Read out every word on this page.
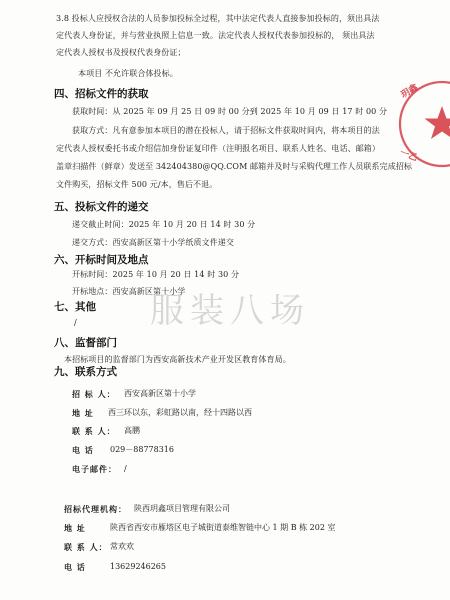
3.8 投标人应授权合法的人员参加投标全过程，其中法定代表人直接参加投标的，须出具法
定代表人身份证，并与营业执照上信息一致。法定代表人授权代表参加投标的， 须出具法
定代表人授权书及授权代表身份证；
本项目 不允许联合体投标。
四、招标文件的获取
获取时间：从 2025 年 09 月 25 日 09 时 00 分到 2025 年 10 月 09 日 17 时 00 分
获取方式：凡有意参加本项目的潜在投标人，请于招标文件获取时间内，将本项目的法
定代表人授权委托书或介绍信加身份证复印件（注明报名项目、联系人姓名、电话、邮箱）
盖章扫描件（鲜章）发送至 342404380@QQ.COM 邮箱并及时与采购代理工作人员联系完成招标
文件购买，招标文件 500 元/本，售后不退。
五、投标文件的递交
递交截止时间：2025 年 10 月 20 日 14 时 30 分
递交方式：西安高新区第十小学纸质文件递交
六、开标时间及地点
开标时间：2025 年 10 月 20 日 14 时 30 分
开标地点：西安高新区第十小学
七、其他
/
八、监督部门
本招标项目的监督部门为西安高新技术产业开发区教育体育局。
九、联系方式
招 标 人： 西安高新区第十小学
地 址 西三环以东，彩虹路以南，经十四路以西
联 系 人： 高鹏
电 话 029－88778316
电子邮件： /
招标代理机构： 陕西玥鑫项目管理有限公司
地 址	陕西省西安市雁塔区电子城街道泰维智链中心 1 期 B 栋 202 室
联 系 人： 常欢欢
电 话	13629246265
玥鑫
一乙
服装八场
